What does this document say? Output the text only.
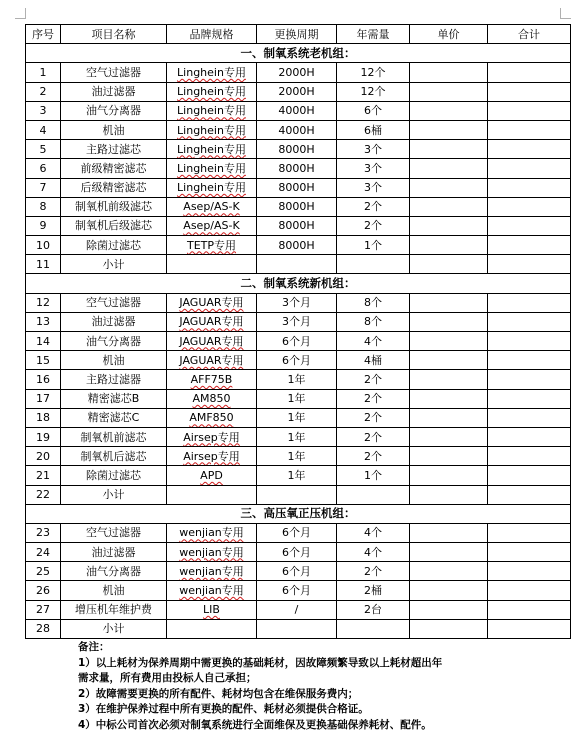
序号	项目名称	品牌规格	更换周期	年需量	单价	合计
一、制氧系统老机组：						
1	空气过滤器	Linghein专用	2000H	12个		
2	油过滤器	Linghein专用	2000H	12个		
3	油气分离器	Linghein专用	4000H	6个		
4	机油	Linghein专用	4000H	6桶		
5	主路过滤芯	Linghein专用	8000H	3个		
6	前级精密滤芯	Linghein专用	8000H	3个		
7	后级精密滤芯	Linghein专用	8000H	3个		
8	制氧机前级滤芯	Asep/AS-K	8000H	2个		
9	制氧机后级滤芯	Asep/AS-K	8000H	2个		
10	除菌过滤芯	TETP专用	8000H	1个		
11	小计					
二、制氧系统新机组：						
12	空气过滤器	JAGUAR专用	3个月	8个		
13	油过滤器	JAGUAR专用	3个月	8个		
14	油气分离器	JAGUAR专用	6个月	4个		
15	机油	JAGUAR专用	6个月	4桶		
16	主路过滤器	AFF75B	1年	2个		
17	精密滤芯B	AM850	1年	2个		
18	精密滤芯C	AMF850	1年	2个		
19	制氧机前滤芯	Airsep专用	1年	2个		
20	制氧机后滤芯	Airsep专用	1年	2个		
21	除菌过滤芯	APD	1年	1个		
22	小计					
三、高压氧正压机组：						
23	空气过滤器	wenjian专用	6个月	4个		
24	油过滤器	wenjian专用	6个月	4个		
25	油气分离器	wenjian专用	6个月	2个		
26	机油	wenjian专用	6个月	2桶		
27	增压机年维护费	LIB	/	2台		
28	小计					

备注：

1）以上耗材为保养周期中需更换的基础耗材，因故障频繁导致以上耗材超出年

需求量，所有费用由投标人自己承担；

2）故障需要更换的所有配件、耗材均包含在维保服务费内；

3）在维护保养过程中所有更换的配件、耗材必须提供合格证。

4）中标公司首次必须对制氧系统进行全面维保及更换基础保养耗材、配件。
